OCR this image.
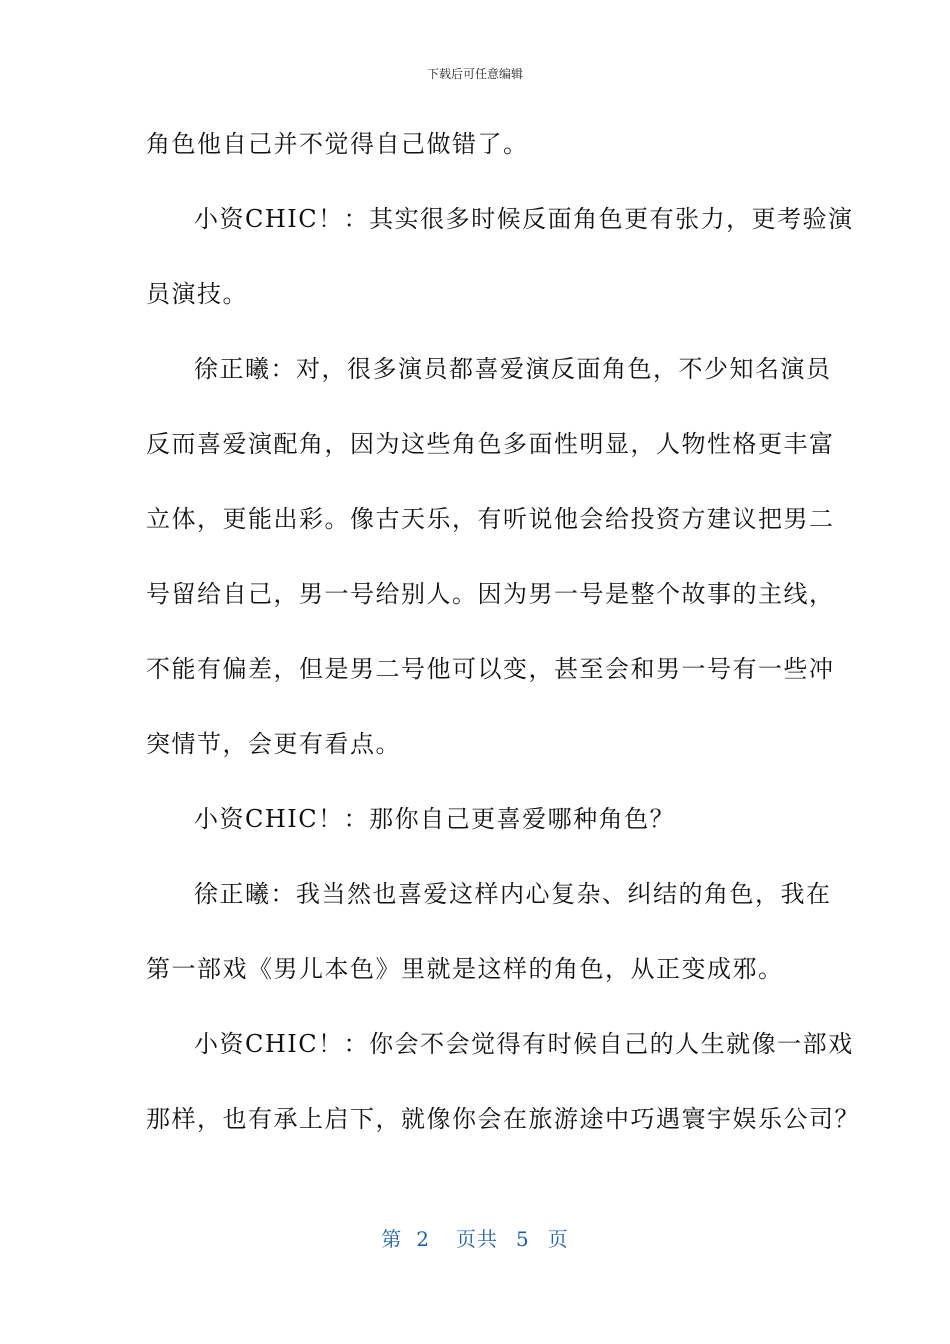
下载后可任意编辑

角色他自己并不觉得自己做错了。

小资CHIC！：其实很多时候反面角色更有张力，更考验演

员演技。

徐正曦：对，很多演员都喜爱演反面角色，不少知名演员

反而喜爱演配角，因为这些角色多面性明显，人物性格更丰富

立体，更能出彩。像古天乐，有听说他会给投资方建议把男二

号留给自己，男一号给别人。因为男一号是整个故事的主线，

不能有偏差，但是男二号他可以变，甚至会和男一号有一些冲

突情节，会更有看点。

小资CHIC！：那你自己更喜爱哪种角色？

徐正曦：我当然也喜爱这样内心复杂、纠结的角色，我在

第一部戏《男儿本色》里就是这样的角色，从正变成邪。

小资CHIC！：你会不会觉得有时候自己的人生就像一部戏

那样，也有承上启下，就像你会在旅游途中巧遇寰宇娱乐公司？

第 2 页共 5 页
